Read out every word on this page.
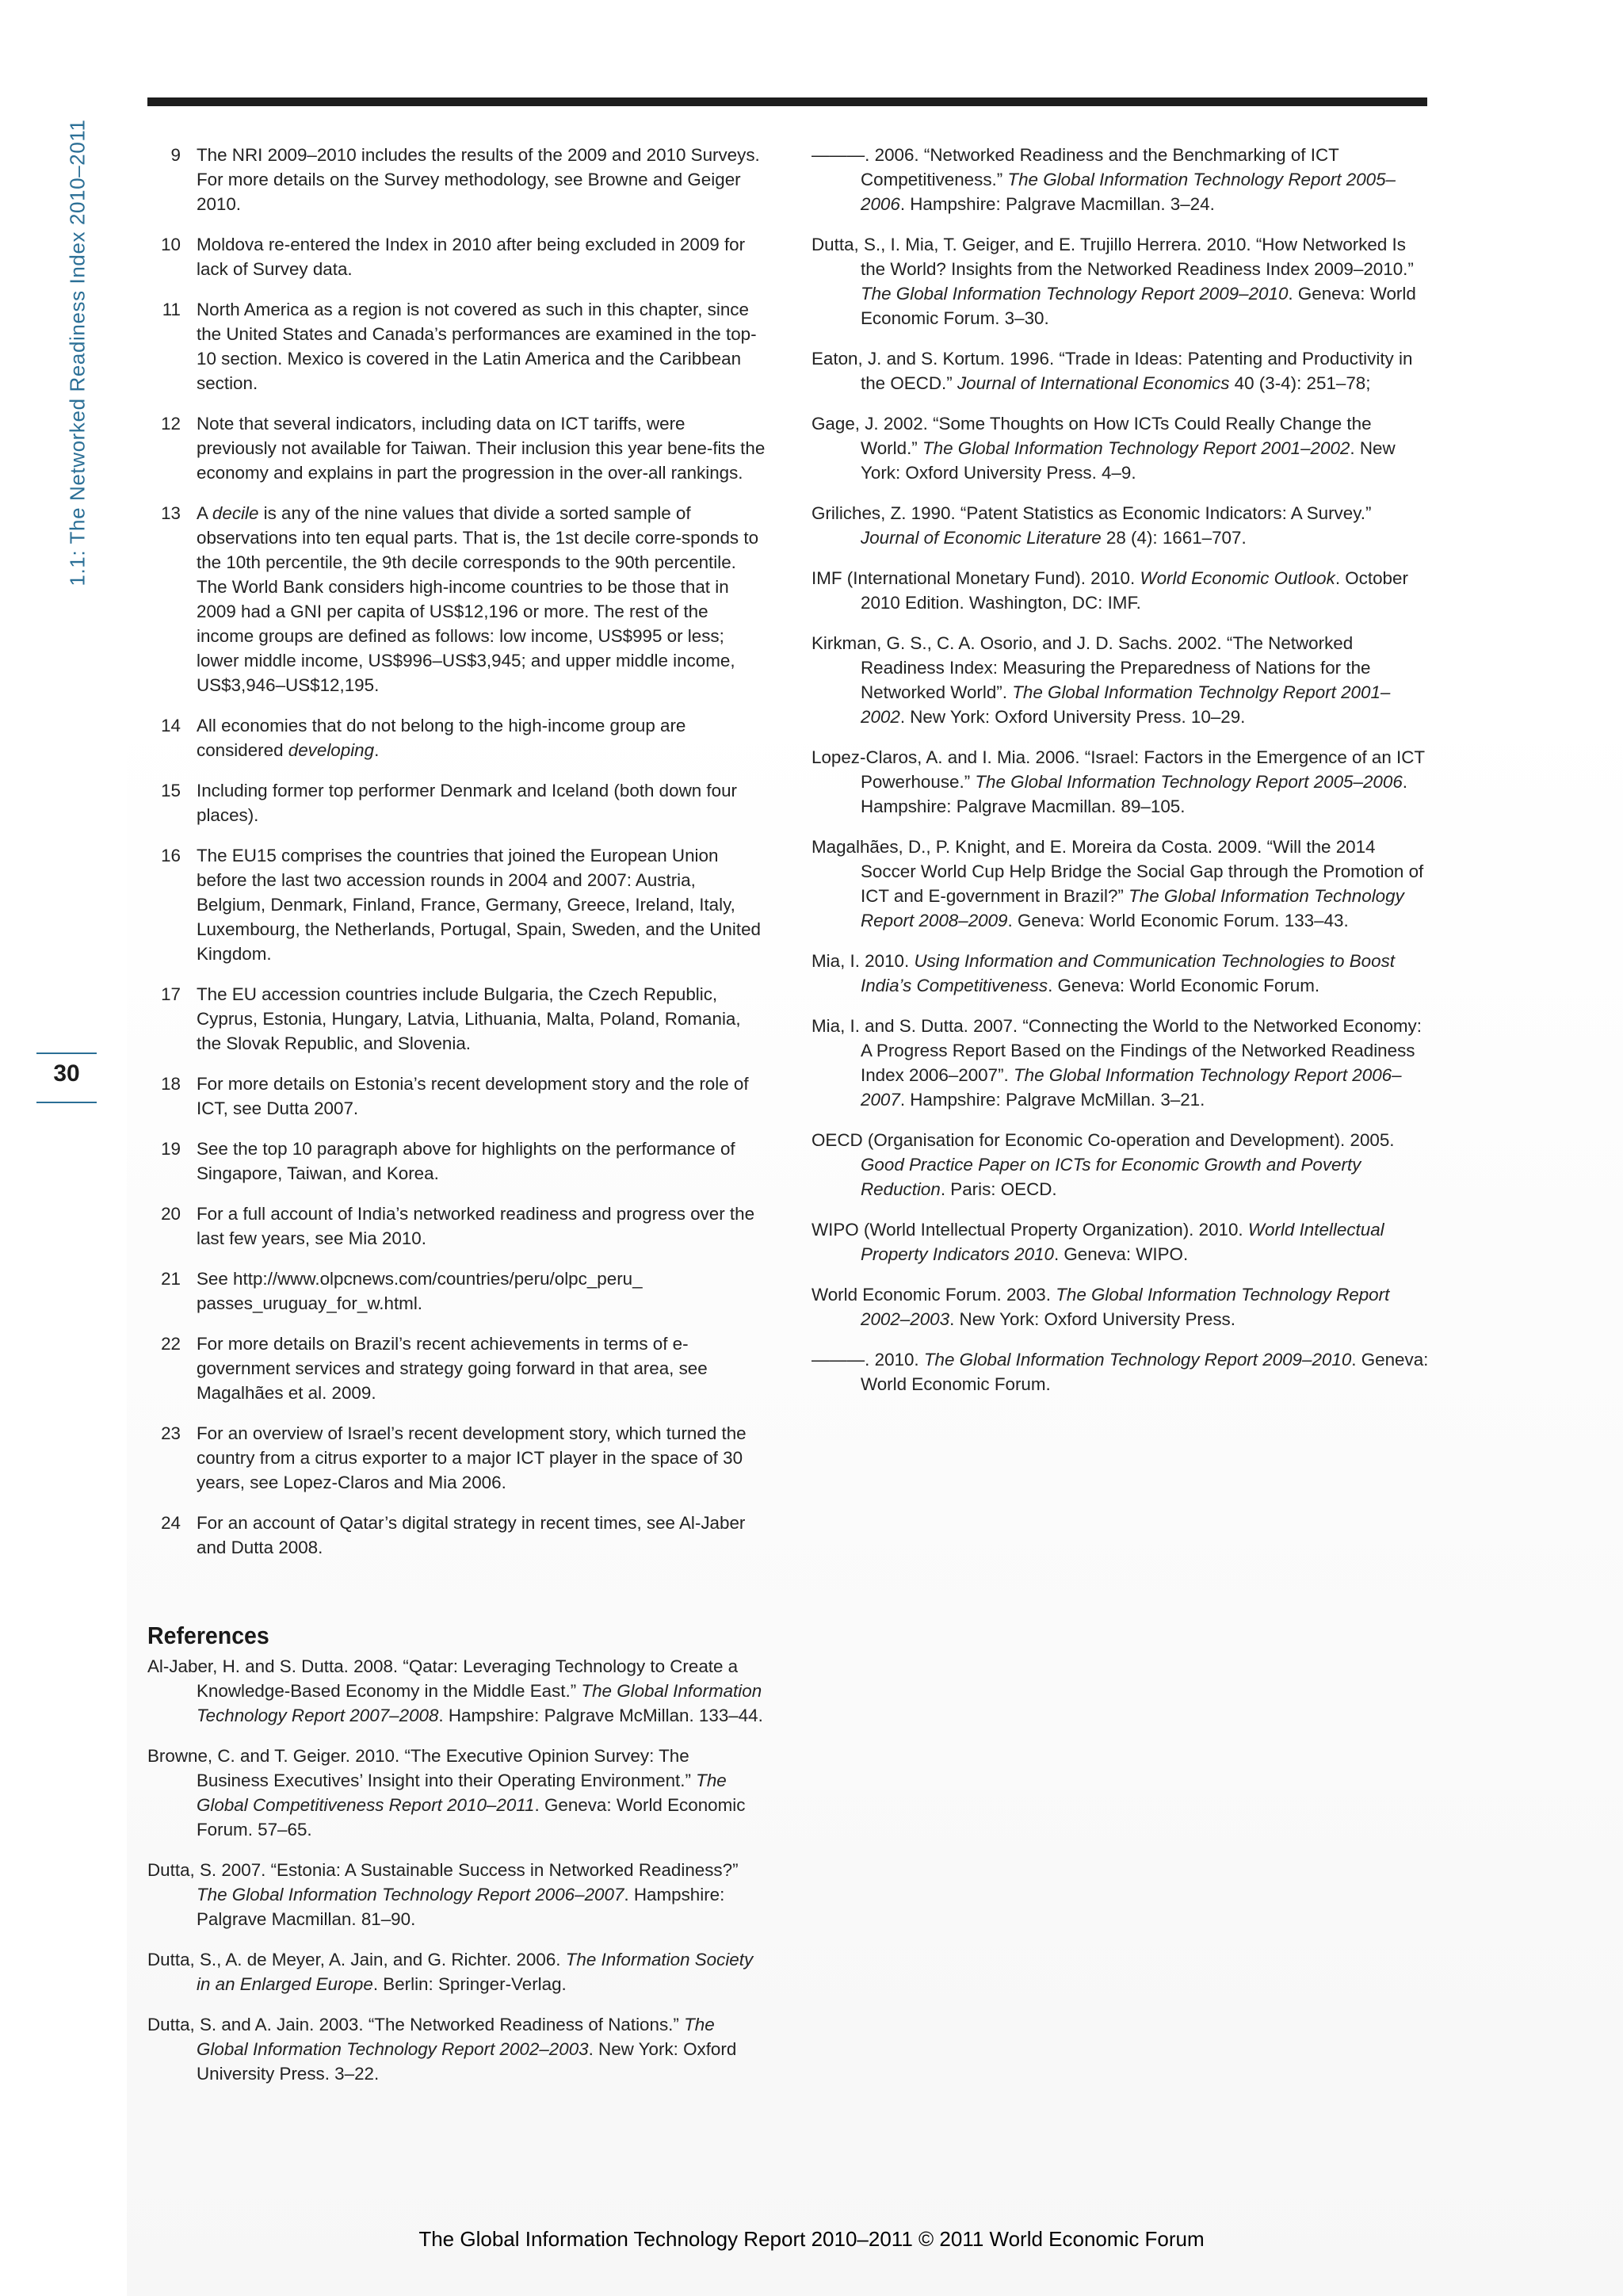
1.1: The Networked Readiness Index 2010–2011
30
9 The NRI 2009–2010 includes the results of the 2009 and 2010 Surveys. For more details on the Survey methodology, see Browne and Geiger 2010.
10 Moldova re-entered the Index in 2010 after being excluded in 2009 for lack of Survey data.
11 North America as a region is not covered as such in this chapter, since the United States and Canada’s performances are examined in the top-10 section. Mexico is covered in the Latin America and the Caribbean section.
12 Note that several indicators, including data on ICT tariffs, were previously not available for Taiwan. Their inclusion this year bene-fits the economy and explains in part the progression in the over-all rankings.
13 A decile is any of the nine values that divide a sorted sample of observations into ten equal parts. That is, the 1st decile corre-sponds to the 10th percentile, the 9th decile corresponds to the 90th percentile. The World Bank considers high-income countries to be those that in 2009 had a GNI per capita of US$12,196 or more. The rest of the income groups are defined as follows: low income, US$995 or less; lower middle income, US$996–US$3,945; and upper middle income, US$3,946–US$12,195.
14 All economies that do not belong to the high-income group are considered developing.
15 Including former top performer Denmark and Iceland (both down four places).
16 The EU15 comprises the countries that joined the European Union before the last two accession rounds in 2004 and 2007: Austria, Belgium, Denmark, Finland, France, Germany, Greece, Ireland, Italy, Luxembourg, the Netherlands, Portugal, Spain, Sweden, and the United Kingdom.
17 The EU accession countries include Bulgaria, the Czech Republic, Cyprus, Estonia, Hungary, Latvia, Lithuania, Malta, Poland, Romania, the Slovak Republic, and Slovenia.
18 For more details on Estonia’s recent development story and the role of ICT, see Dutta 2007.
19 See the top 10 paragraph above for highlights on the performance of Singapore, Taiwan, and Korea.
20 For a full account of India’s networked readiness and progress over the last few years, see Mia 2010.
21 See http://www.olpcnews.com/countries/peru/olpc_peru_ passes_uruguay_for_w.html.
22 For more details on Brazil’s recent achievements in terms of e-government services and strategy going forward in that area, see Magalhães et al. 2009.
23 For an overview of Israel’s recent development story, which turned the country from a citrus exporter to a major ICT player in the space of 30 years, see Lopez-Claros and Mia 2006.
24 For an account of Qatar’s digital strategy in recent times, see Al-Jaber and Dutta 2008.
References
Al-Jaber, H. and S. Dutta. 2008. “Qatar: Leveraging Technology to Create a Knowledge-Based Economy in the Middle East.” The Global Information Technology Report 2007–2008. Hampshire: Palgrave McMillan. 133–44.
Browne, C. and T. Geiger. 2010. “The Executive Opinion Survey: The Business Executives’ Insight into their Operating Environment.” The Global Competitiveness Report 2010–2011. Geneva: World Economic Forum. 57–65.
Dutta, S. 2007. “Estonia: A Sustainable Success in Networked Readiness?” The Global Information Technology Report 2006–2007. Hampshire: Palgrave Macmillan. 81–90.
Dutta, S., A. de Meyer, A. Jain, and G. Richter. 2006. The Information Society in an Enlarged Europe. Berlin: Springer-Verlag.
Dutta, S. and A. Jain. 2003. “The Networked Readiness of Nations.” The Global Information Technology Report 2002–2003. New York: Oxford University Press. 3–22.
———. 2006. “Networked Readiness and the Benchmarking of ICT Competitiveness.” The Global Information Technology Report 2005–2006. Hampshire: Palgrave Macmillan. 3–24.
Dutta, S., I. Mia, T. Geiger, and E. Trujillo Herrera. 2010. “How Networked Is the World? Insights from the Networked Readiness Index 2009–2010.” The Global Information Technology Report 2009–2010. Geneva: World Economic Forum. 3–30.
Eaton, J. and S. Kortum. 1996. “Trade in Ideas: Patenting and Productivity in the OECD.” Journal of International Economics 40 (3-4): 251–78;
Gage, J. 2002. “Some Thoughts on How ICTs Could Really Change the World.” The Global Information Technology Report 2001–2002. New York: Oxford University Press. 4–9.
Griliches, Z. 1990. “Patent Statistics as Economic Indicators: A Survey.” Journal of Economic Literature 28 (4): 1661–707.
IMF (International Monetary Fund). 2010. World Economic Outlook. October 2010 Edition. Washington, DC: IMF.
Kirkman, G. S., C. A. Osorio, and J. D. Sachs. 2002. “The Networked Readiness Index: Measuring the Preparedness of Nations for the Networked World”. The Global Information Technolgy Report 2001–2002. New York: Oxford University Press. 10–29.
Lopez-Claros, A. and I. Mia. 2006. “Israel: Factors in the Emergence of an ICT Powerhouse.” The Global Information Technology Report 2005–2006. Hampshire: Palgrave Macmillan. 89–105.
Magalhães, D., P. Knight, and E. Moreira da Costa. 2009. “Will the 2014 Soccer World Cup Help Bridge the Social Gap through the Promotion of ICT and E-government in Brazil?” The Global Information Technology Report 2008–2009. Geneva: World Economic Forum. 133–43.
Mia, I. 2010. Using Information and Communication Technologies to Boost India’s Competitiveness. Geneva: World Economic Forum.
Mia, I. and S. Dutta. 2007. “Connecting the World to the Networked Economy: A Progress Report Based on the Findings of the Networked Readiness Index 2006–2007”. The Global Information Technology Report 2006–2007. Hampshire: Palgrave McMillan. 3–21.
OECD (Organisation for Economic Co-operation and Development). 2005. Good Practice Paper on ICTs for Economic Growth and Poverty Reduction. Paris: OECD.
WIPO (World Intellectual Property Organization). 2010. World Intellectual Property Indicators 2010. Geneva: WIPO.
World Economic Forum. 2003. The Global Information Technology Report 2002–2003. New York: Oxford University Press.
———. 2010. The Global Information Technology Report 2009–2010. Geneva: World Economic Forum.
The Global Information Technology Report 2010–2011 © 2011 World Economic Forum
